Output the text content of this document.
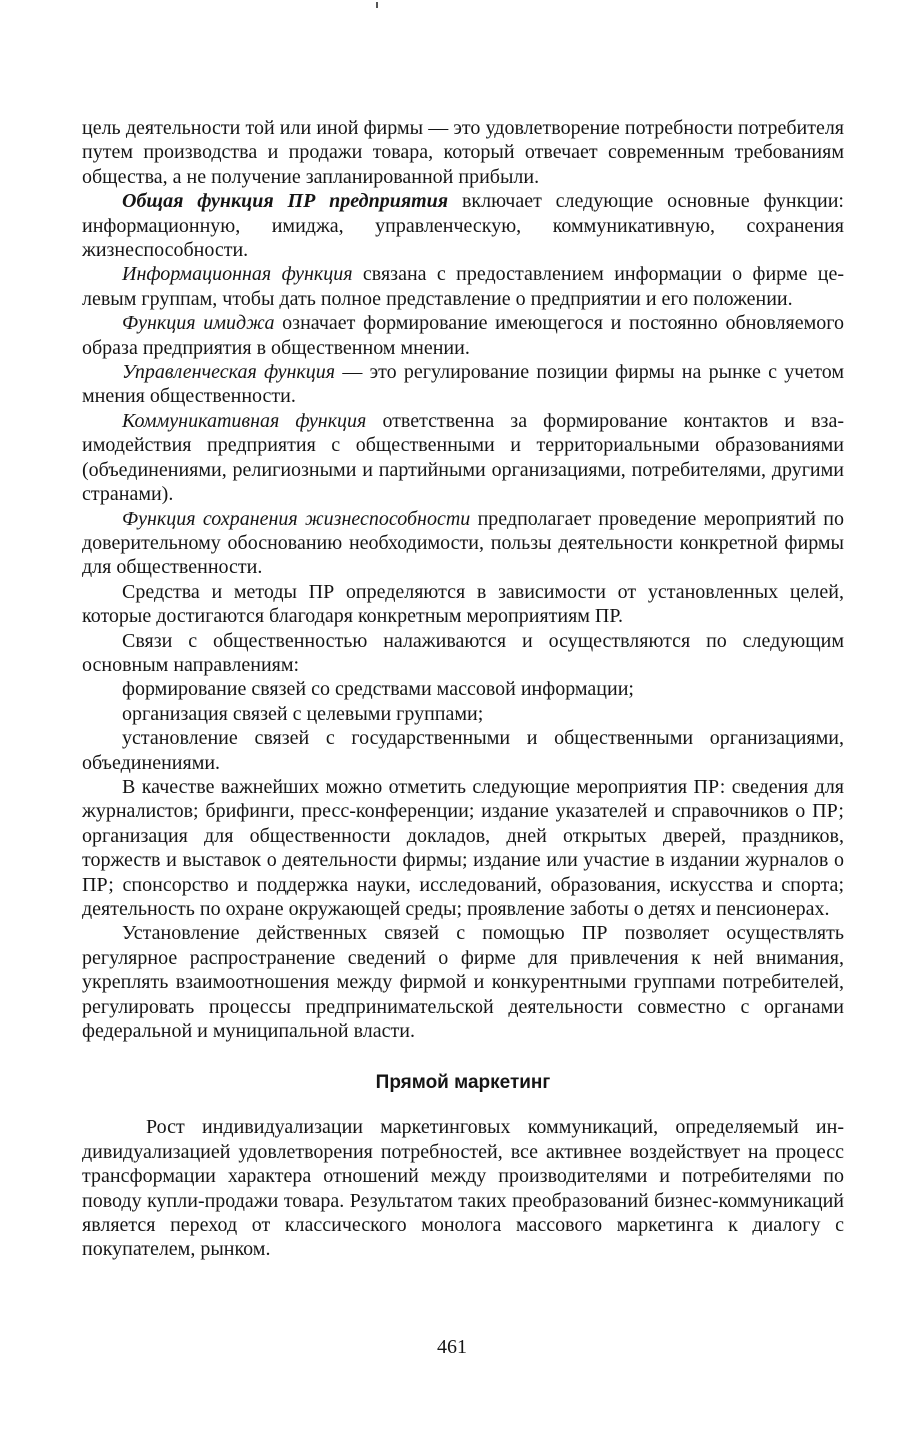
цель деятельности той или иной фирмы — это удовлетворение потребности потребителя путем производства и продажи товара, который отвечает современным требованиям общества, а не получение запланированной прибыли.

Общая функция ПР предприятия включает следующие основные функции: информационную, имиджа, управленческую, коммуникативную, сохранения жизнеспособности.

Информационная функция связана с предоставлением информации о фирме целевым группам, чтобы дать полное представление о предприятии и его положении.

Функция имиджа означает формирование имеющегося и постоянно обновляемого образа предприятия в общественном мнении.

Управленческая функция — это регулирование позиции фирмы на рынке с учетом мнения общественности.

Коммуникативная функция ответственна за формирование контактов и взаимодействия предприятия с общественными и территориальными образованиями (объединениями, религиозными и партийными организациями, потребителями, другими странами).

Функция сохранения жизнеспособности предполагает проведение мероприятий по доверительному обоснованию необходимости, пользы деятельности конкретной фирмы для общественности.

Средства и методы ПР определяются в зависимости от установленных целей, которые достигаются благодаря конкретным мероприятиям ПР.

Связи с общественностью налаживаются и осуществляются по следующим основным направлениям:

формирование связей со средствами массовой информации;

организация связей с целевыми группами;

установление связей с государственными и общественными организациями, объединениями.

В качестве важнейших можно отметить следующие мероприятия ПР: сведения для журналистов; брифинги, пресс-конференции; издание указателей и справочников о ПР; организация для общественности докладов, дней открытых дверей, праздников, торжеств и выставок о деятельности фирмы; издание или участие в издании журналов о ПР; спонсорство и поддержка науки, исследований, образования, искусства и спорта; деятельность по охране окружающей среды; проявление заботы о детях и пенсионерах.

Установление действенных связей с помощью ПР позволяет осуществлять регулярное распространение сведений о фирме для привлечения к ней внимания, укреплять взаимоотношения между фирмой и конкурентными группами потребителей, регулировать процессы предпринимательской деятельности совместно с органами федеральной и муниципальной власти.

Прямой маркетинг

Рост индивидуализации маркетинговых коммуникаций, определяемый индивидуализацией удовлетворения потребностей, все активнее воздействует на процесс трансформации характера отношений между производителями и потребителями по поводу купли-продажи товара. Результатом таких преобразований бизнес-коммуникаций является переход от классического монолога массового маркетинга к диалогу с покупателем, рынком.

461
